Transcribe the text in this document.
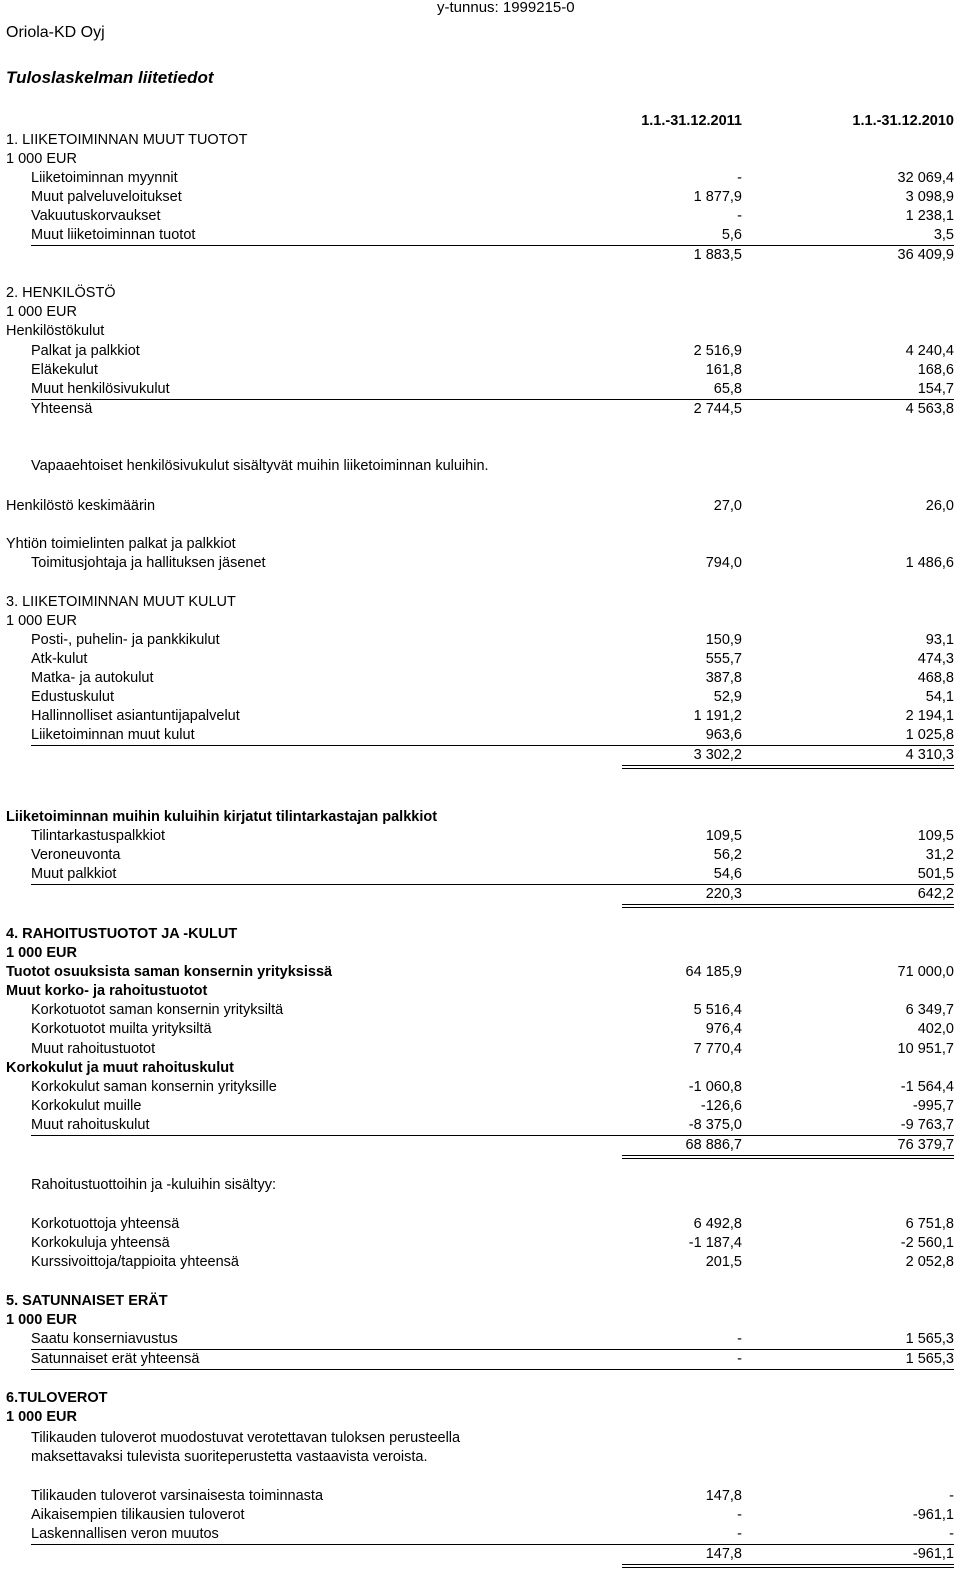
y-tunnus: 1999215-0
Oriola-KD Oyj
Tuloslaskelman liitetiedot
1.1.-31.12.2011	1.1.-31.12.2010
1. LIIKETOIMINNAN MUUT TUOTOT
1 000 EUR
Liiketoiminnan myynnit	-	32 069,4
Muut palveluveloitukset	1 877,9	3 098,9
Vakuutuskorvaukset	-	1 238,1
Muut liiketoiminnan tuotot	5,6	3,5
1 883,5	36 409,9
2. HENKILÖSTÖ
1 000 EUR
Henkilöstökulut
Palkat ja palkkiot	2 516,9	4 240,4
Eläkekulut	161,8	168,6
Muut henkilösivukulut	65,8	154,7
Yhteensä	2 744,5	4 563,8
Vapaaehtoiset henkilösivukulut sisältyvät muihin liiketoiminnan kuluihin.
Henkilöstö keskimäärin	27,0	26,0
Yhtiön toimielinten palkat ja palkkiot
Toimitusjohtaja ja hallituksen jäsenet	794,0	1 486,6
3. LIIKETOIMINNAN MUUT KULUT
1 000 EUR
Posti-, puhelin- ja pankkikulut	150,9	93,1
Atk-kulut	555,7	474,3
Matka- ja autokulut	387,8	468,8
Edustuskulut	52,9	54,1
Hallinnolliset asiantuntijapalvelut	1 191,2	2 194,1
Liiketoiminnan muut kulut	963,6	1 025,8
3 302,2	4 310,3
Liiketoiminnan muihin kuluihin kirjatut tilintarkastajan palkkiot
Tilintarkastuspalkkiot	109,5	109,5
Veroneuvonta	56,2	31,2
Muut palkkiot	54,6	501,5
220,3	642,2
4. RAHOITUSTUOTOT JA -KULUT
1 000 EUR
Tuotot osuuksista saman konsernin yrityksissä	64 185,9	71 000,0
Muut korko- ja rahoitustuotot
Korkotuotot saman konsernin yrityksiltä	5 516,4	6 349,7
Korkotuotot muilta yrityksiltä	976,4	402,0
Muut rahoitustuotot	7 770,4	10 951,7
Korkokulut ja muut rahoituskulut
Korkokulut saman konsernin yrityksille	-1 060,8	-1 564,4
Korkokulut muille	-126,6	-995,7
Muut rahoituskulut	-8 375,0	-9 763,7
68 886,7	76 379,7
Rahoitustuottoihin ja -kuluihin sisältyy:
Korkotuottoja yhteensä	6 492,8	6 751,8
Korkokuluja yhteensä	-1 187,4	-2 560,1
Kurssivoittoja/tappioita yhteensä	201,5	2 052,8
5. SATUNNAISET ERÄT
1 000 EUR
Saatu konserniavustus	-	1 565,3
Satunnaiset erät yhteensä	-	1 565,3
6.TULOVEROT
1 000 EUR
Tilikauden tuloverot muodostuvat verotettavan tuloksen perusteella
maksettavaksi tulevista suoriteperustetta vastaavista veroista.
Tilikauden tuloverot varsinaisesta toiminnasta	147,8	-
Aikaisempien tilikausien tuloverot	-	-961,1
Laskennallisen veron muutos	-	-
147,8	-961,1
